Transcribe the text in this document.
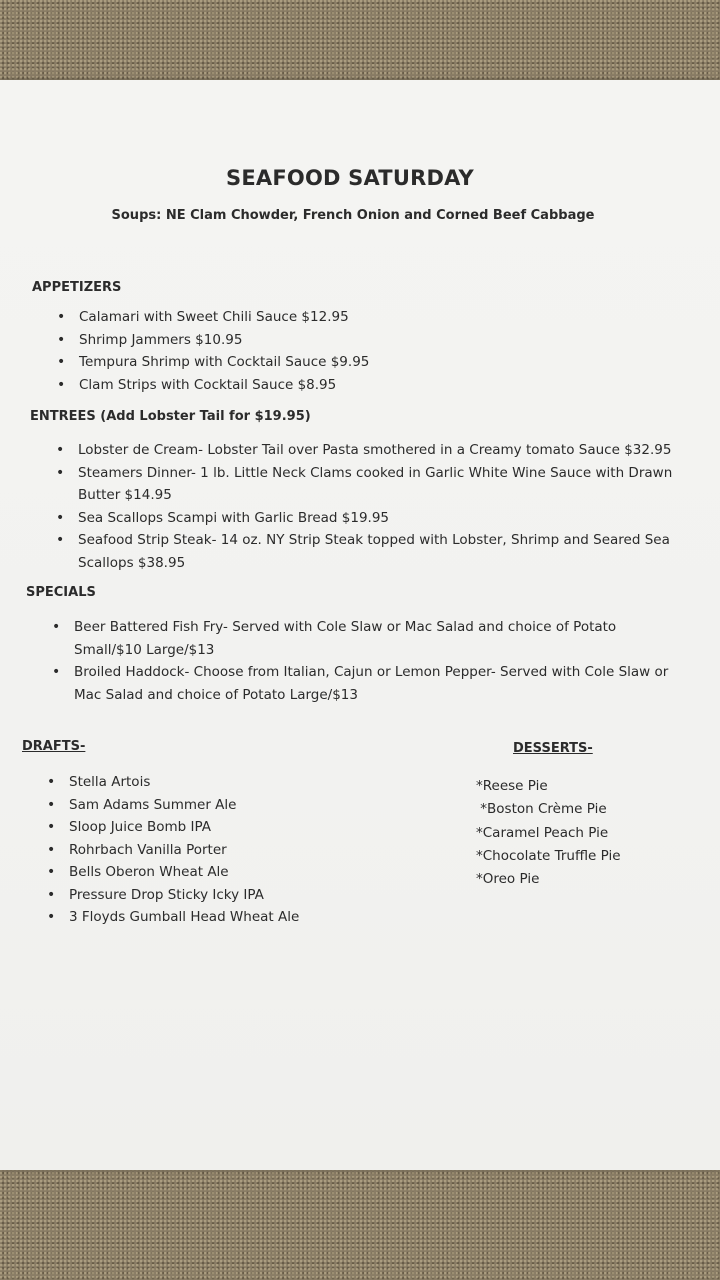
SEAFOOD SATURDAY
Soups: NE Clam Chowder, French Onion and Corned Beef Cabbage
APPETIZERS
• Calamari with Sweet Chili Sauce $12.95
• Shrimp Jammers $10.95
• Tempura Shrimp with Cocktail Sauce $9.95
• Clam Strips with Cocktail Sauce $8.95
ENTREES (Add Lobster Tail for $19.95)
• Lobster de Cream- Lobster Tail over Pasta smothered in a Creamy tomato Sauce $32.95
• Steamers Dinner- 1 lb. Little Neck Clams cooked in Garlic White Wine Sauce with Drawn Butter $14.95
• Sea Scallops Scampi with Garlic Bread $19.95
• Seafood Strip Steak- 14 oz. NY Strip Steak topped with Lobster, Shrimp and Seared Sea Scallops $38.95
SPECIALS
• Beer Battered Fish Fry- Served with Cole Slaw or Mac Salad and choice of Potato Small/$10 Large/$13
• Broiled Haddock- Choose from Italian, Cajun or Lemon Pepper- Served with Cole Slaw or Mac Salad and choice of Potato Large/$13
DRAFTS-
• Stella Artois
• Sam Adams Summer Ale
• Sloop Juice Bomb IPA
• Rohrbach Vanilla Porter
• Bells Oberon Wheat Ale
• Pressure Drop Sticky Icky IPA
• 3 Floyds Gumball Head Wheat Ale
DESSERTS-
*Reese Pie
*Boston Crème Pie
*Caramel Peach Pie
*Chocolate Truffle Pie
*Oreo Pie
